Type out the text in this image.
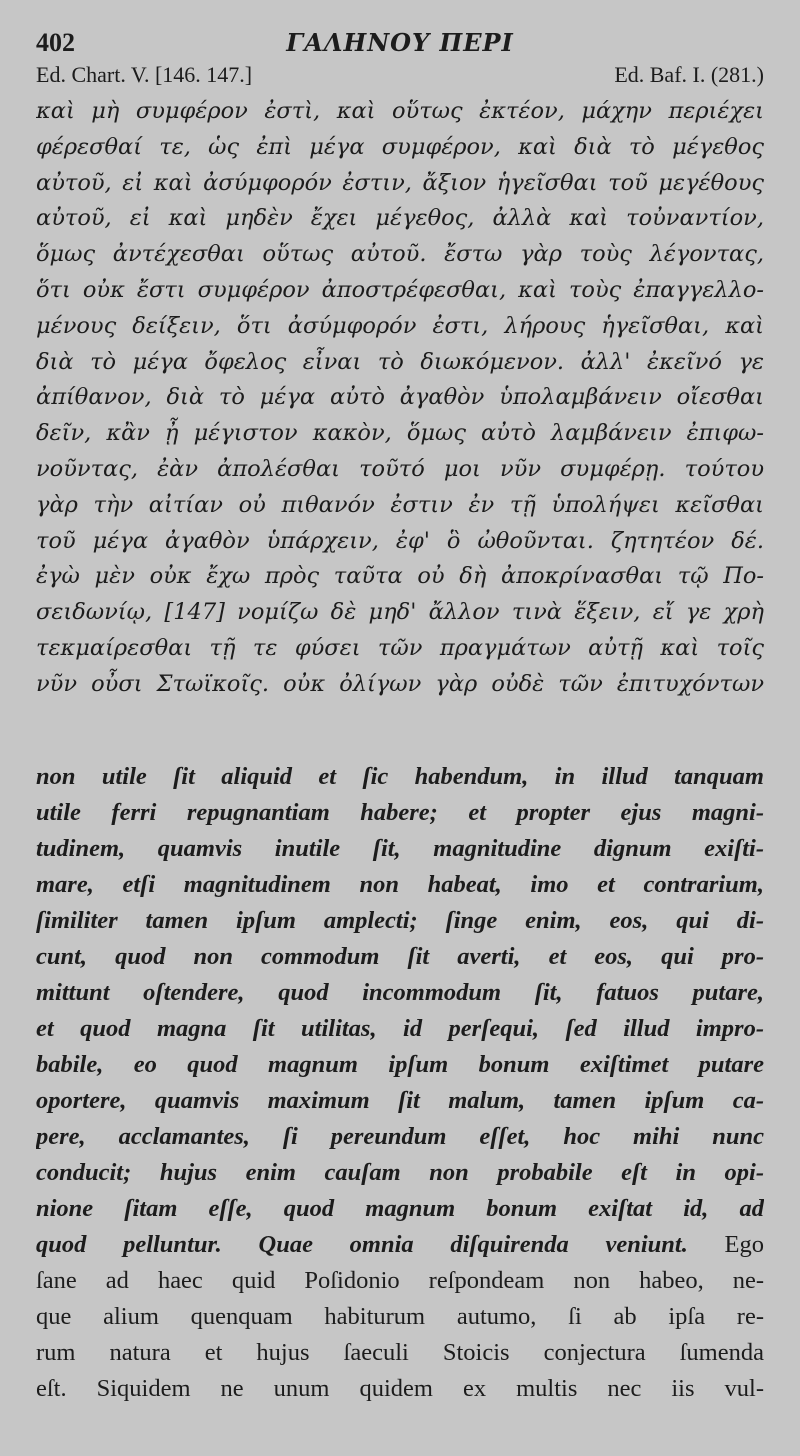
402	ΓΑΛΗΝΟΥ ΠΕΡΙ
Ed. Chart. V. [146. 147.]	Ed. Baf. I. (281.)
καὶ μὴ συμφέρον ἐστὶ, καὶ οὕτως ἐκτέον, μάχην περιέχει
φέρεσθαί τε, ὡς ἐπὶ μέγα συμφέρον, καὶ διὰ τὸ μέγεθος
αὐτοῦ, εἰ καὶ ἀσύμφορόν ἐστιν, ἄξιον ἡγεῖσθαι τοῦ μεγέθους
αὐτοῦ, εἰ καὶ μηδὲν ἔχει μέγεθος, ἀλλὰ καὶ τοὐναντίον,
ὅμως ἀντέχεσθαι οὕτως αὐτοῦ. ἔστω γὰρ τοὺς λέγοντας,
ὅτι οὐκ ἔστι συμφέρον ἀποστρέφεσθαι, καὶ τοὺς ἐπαγγελλο-
μένους δείξειν, ὅτι ἀσύμφορόν ἐστι, λήρους ἡγεῖσθαι, καὶ
διὰ τὸ μέγα ὄφελος εἶναι τὸ διωκόμενον. ἀλλ' ἐκεῖνό γε
ἀπίθανον, διὰ τὸ μέγα αὐτὸ ἀγαθὸν ὑπολαμβάνειν οἴεσθαι
δεῖν, κἂν ᾖ μέγιστον κακὸν, ὅμως αὐτὸ λαμβάνειν ἐπιφω-
νοῦντας, ἐὰν ἀπολέσθαι τοῦτό μοι νῦν συμφέρῃ. τούτου
γὰρ τὴν αἰτίαν οὐ πιθανόν ἐστιν ἐν τῇ ὑπολήψει κεῖσθαι
τοῦ μέγα ἀγαθὸν ὑπάρχειν, ἐφ' ὃ ὠθοῦνται. ζητητέον δέ.
ἐγὼ μὲν οὐκ ἔχω πρὸς ταῦτα οὐ δὴ ἀποκρίνασθαι τῷ Πο-
σειδωνίῳ, [147] νομίζω δὲ μηδ' ἄλλον τινὰ ἕξειν, εἴ γε χρὴ
τεκμαίρεσθαι τῇ τε φύσει τῶν πραγμάτων αὐτῇ καὶ τοῖς
νῦν οὖσι Στωϊκοῖς. οὐκ ὀλίγων γὰρ οὐδὲ τῶν ἐπιτυχόντων
non utile ſit aliquid et ſic habendum, in illud tanquam
utile ferri repugnantiam habere; et propter ejus magni-
tudinem, quamvis inutile ſit, magnitudine dignum exiſti-
mare, etſi magnitudinem non habeat, imo et contrarium,
ſimiliter tamen ipſum amplecti; ſinge enim, eos, qui di-
cunt, quod non commodum ſit averti, et eos, qui pro-
mittunt oſtendere, quod incommodum ſit, fatuos putare,
et quod magna ſit utilitas, id perſequi, ſed illud impro-
babile, eo quod magnum ipſum bonum exiſtimet putare
oportere, quamvis maximum ſit malum, tamen ipſum ca-
pere, acclamantes, ſi pereundum eſſet, hoc mihi nunc
conducit; hujus enim cauſam non probabile eſt in opi-
nione ſitam eſſe, quod magnum bonum exiſtat id, ad
quod pelluntur. Quae omnia diſquirenda veniunt. Ego
ſane ad haec quid Poſidonio reſpondeam non habeo, ne-
que alium quenquam habiturum autumo, ſi ab ipſa re-
rum natura et hujus ſaeculi Stoicis conjectura ſumenda
eſt. Siquidem ne unum quidem ex multis nec iis vul-
